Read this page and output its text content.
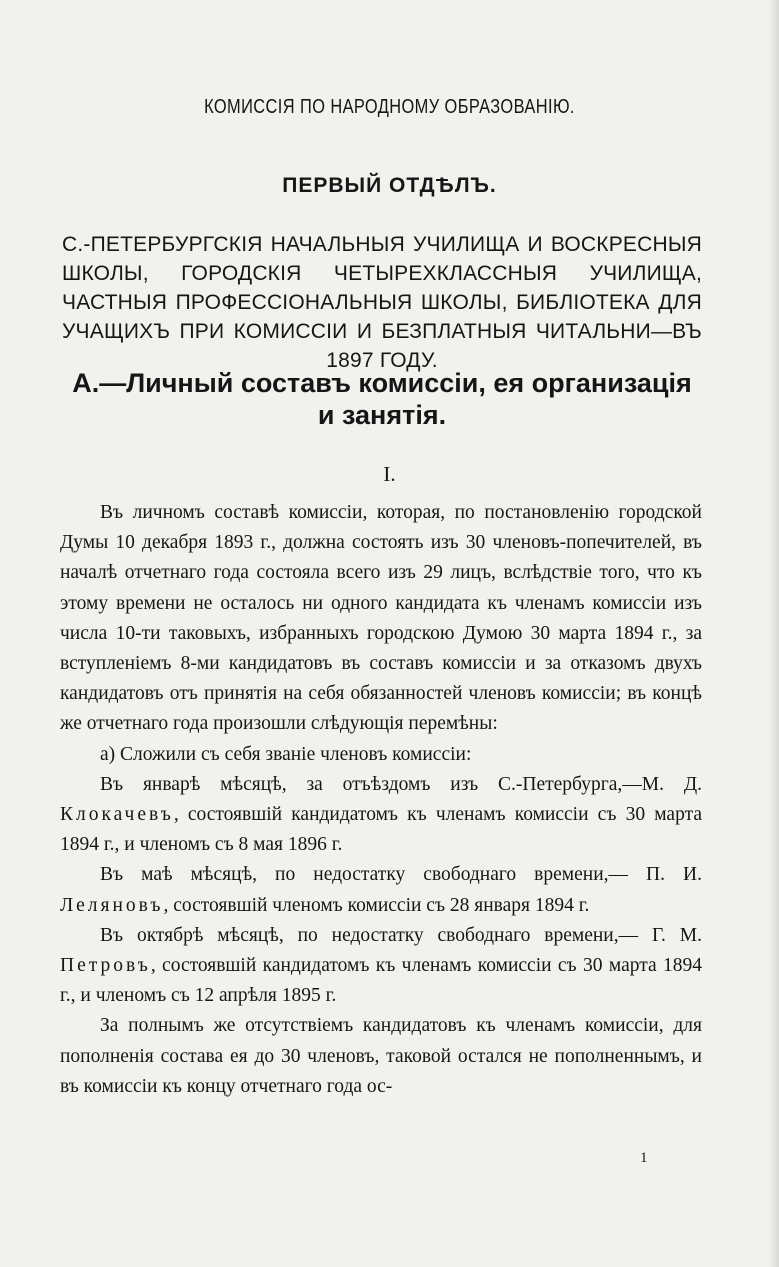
КОМИССІЯ ПО НАРОДНОМУ ОБРАЗОВАНІЮ.
ПЕРВЫЙ ОТДѢЛЪ.
С.-ПЕТЕРБУРГСКІЯ НАЧАЛЬНЫЯ УЧИЛИЩА И ВОСКРЕСНЫЯ ШКОЛЫ, ГОРОДСКІЯ ЧЕТЫРЕХКЛАССНЫЯ УЧИЛИЩА, ЧАСТНЫЯ ПРОФЕССІОНАЛЬНЫЯ ШКОЛЫ, БИБЛІОТЕКА ДЛЯ УЧАЩИХЪ ПРИ КОМИССІИ И БЕЗПЛАТНЫЯ ЧИТАЛЬНИ—ВЪ 1897 ГОДУ.
А.—Личный составъ комиссіи, ея организація и занятія.
I.

Въ личномъ составѣ комиссіи, которая, по постановленію городской Думы 10 декабря 1893 г., должна состоять изъ 30 членовъ-попечителей, въ началѣ отчетнаго года состояла всего изъ 29 лицъ, вслѣдствіе того, что къ этому времени не осталось ни одного кандидата къ членамъ комиссіи изъ числа 10-ти таковыхъ, избранныхъ городскою Думою 30 марта 1894 г., за вступленіемъ 8-ми кандидатовъ въ составъ комиссіи и за отказомъ двухъ кандидатовъ отъ принятія на себя обязанностей членовъ комиссіи; въ концѣ же отчетнаго года произошли слѣдующія перемѣны:

а) Сложили съ себя званіе членовъ комиссіи:

Въ январѣ мѣсяцѣ, за отъѣздомъ изъ С.-Петербурга,—М. Д. Клокачевъ, состоявшій кандидатомъ къ членамъ комиссіи съ 30 марта 1894 г., и членомъ съ 8 мая 1896 г.

Въ маѣ мѣсяцѣ, по недостатку свободнаго времени,— П. И. Леляновъ, состоявшій членомъ комиссіи съ 28 января 1894 г.

Въ октябрѣ мѣсяцѣ, по недостатку свободнаго времени,— Г. М. Петровъ, состоявшій кандидатомъ къ членамъ комиссіи съ 30 марта 1894 г., и членомъ съ 12 апрѣля 1895 г.

За полнымъ же отсутствіемъ кандидатовъ къ членамъ комиссіи, для пополненія состава ея до 30 членовъ, таковой остался не пополненнымъ, и въ комиссіи къ концу отчетнаго года ос-

1
